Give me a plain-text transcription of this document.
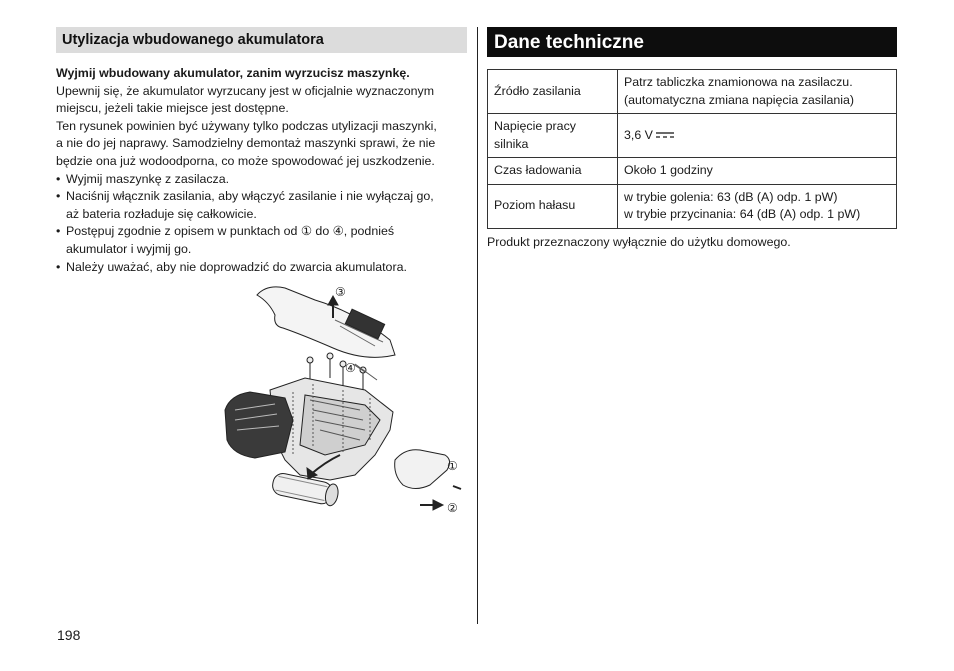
Utylizacja wbudowanego akumulatora

Wyjmij wbudowany akumulator, zanim wyrzucisz maszynkę.

Upewnij się, że akumulator wyrzucany jest w oficjalnie wyznaczonym

miejscu, jeżeli takie miejsce jest dostępne.

Ten rysunek powinien być używany tylko podczas utylizacji maszynki,

a nie do jej naprawy. Samodzielny demontaż maszynki sprawi, że nie

będzie ona już wodoodporna, co może spowodować jej uszkodzenie.

• Wyjmij maszynkę z zasilacza.
• Naciśnij włącznik zasilania, aby włączyć zasilanie i nie wyłączaj go,
aż bateria rozładuje się całkowicie.
• Postępuj zgodnie z opisem w punktach od ① do ④, podnieś
akumulator i wyjmij go.
• Należy uważać, aby nie doprowadzić do zwarcia akumulatora.
③
④
①
②
Dane techniczne
Źródło zasilania	Patrz tabliczka znamionowa na zasilaczu.
(automatyczna zmiana napięcia zasilania)
Napięcie pracy
silnika	3,6 V
Czas ładowania	Około 1 godziny
Poziom hałasu	w trybie golenia: 63 (dB (A) odp. 1 pW)
w trybie przycinania: 64 (dB (A) odp. 1 pW)

Produkt przeznaczony wyłącznie do użytku domowego.

198
